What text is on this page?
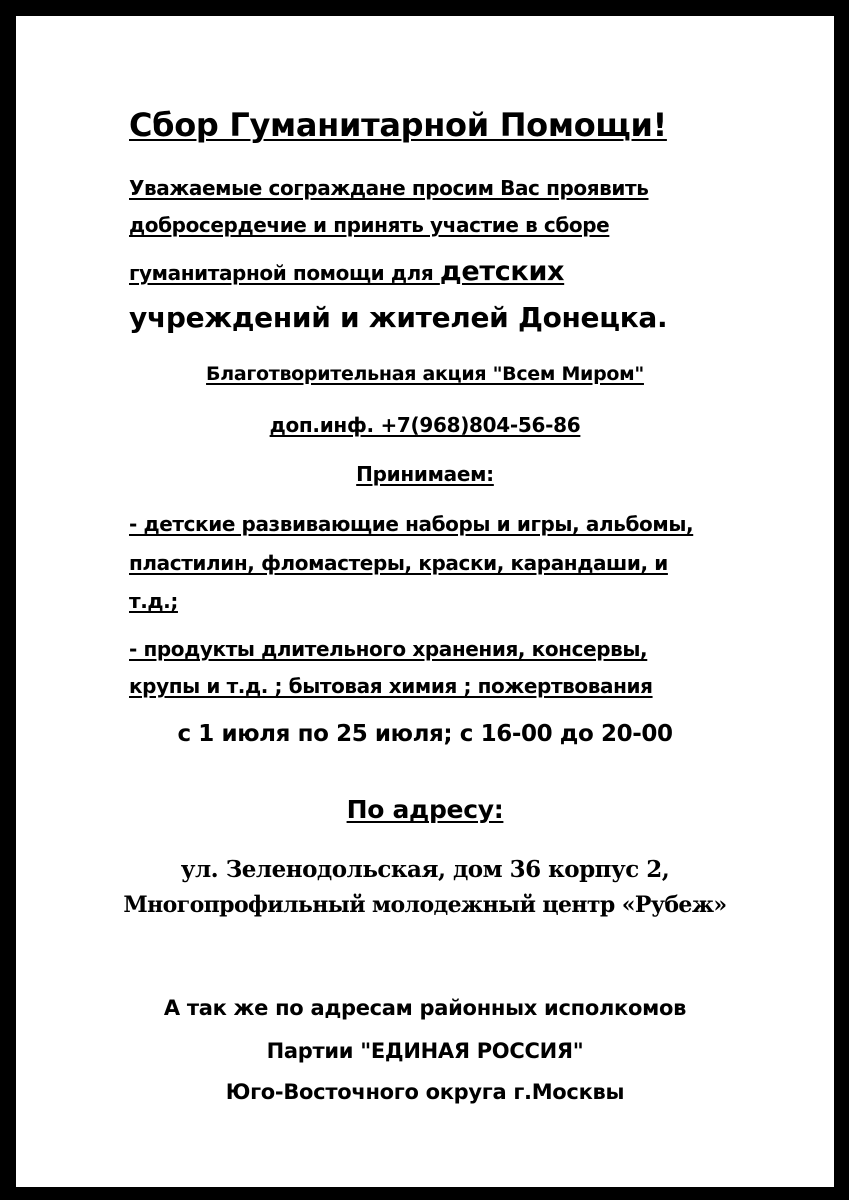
Сбор Гуманитарной Помощи!
Уважаемые сограждане просим Вас проявить
добросердечие и принять участие в сборе
гуманитарной помощи для детских
учреждений и жителей Донецка.
Благотворительная акция "Всем Миром"
доп.инф. +7(968)804-56-86
Принимаем:
- детские развивающие наборы и игры, альбомы,
пластилин, фломастеры, краски, карандаши, и
т.д.;
- продукты длительного хранения, консервы,
крупы и т.д. ; бытовая химия ; пожертвования
с 1 июля по 25 июля; с 16-00 до 20-00
По адресу:
ул. Зеленодольская, дом 36 корпус 2,
Многопрофильный молодежный центр «Рубеж»
А так же по адресам районных исполкомов
Партии "ЕДИНАЯ РОССИЯ"
Юго-Восточного округа г.Москвы
